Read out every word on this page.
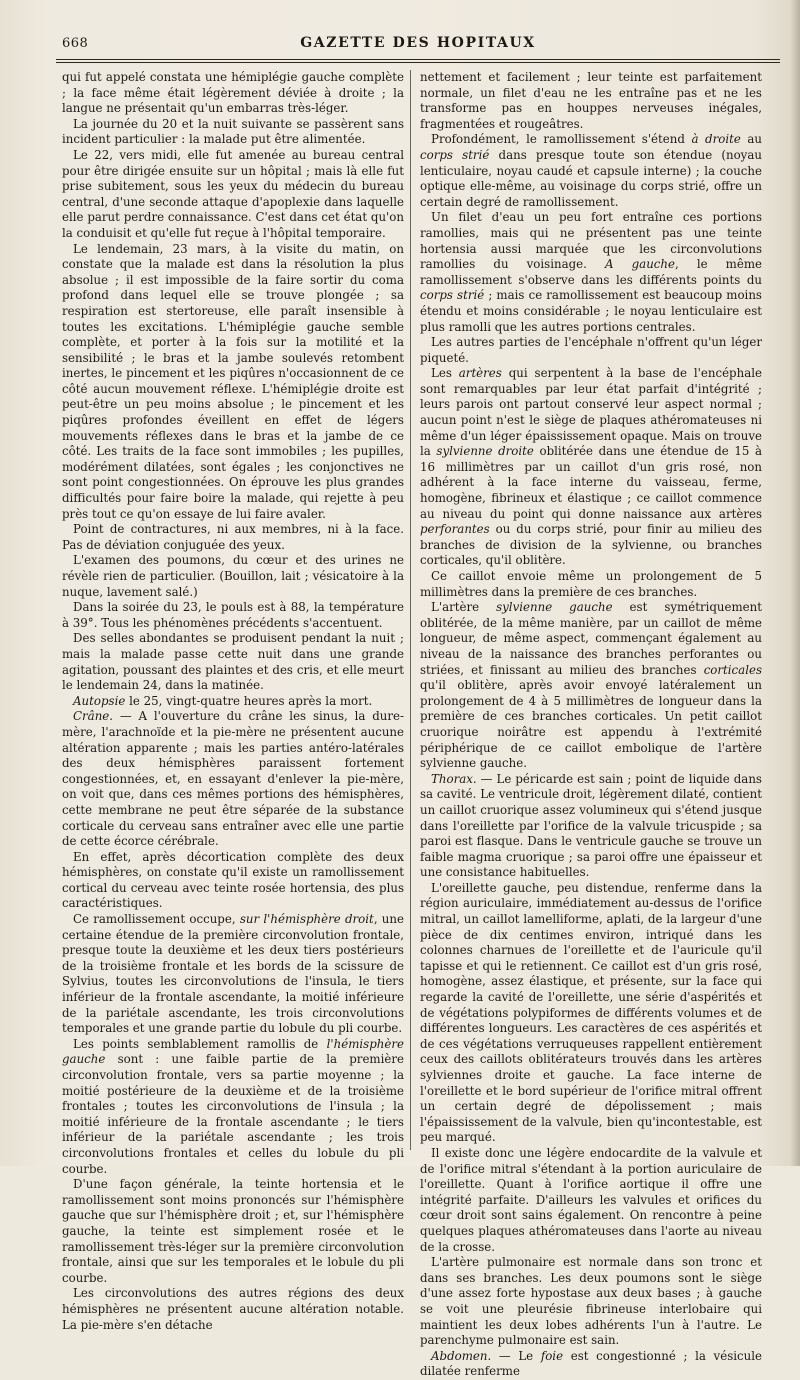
668	GAZETTE DES HOPITAUX

qui fut appelé constata une hémiplégie gauche complète ; la face même était légèrement déviée à droite ; la langue ne présentait qu'un embarras très-léger.

La journée du 20 et la nuit suivante se passèrent sans incident particulier : la malade put être alimentée.

Le 22, vers midi, elle fut amenée au bureau central pour être dirigée ensuite sur un hôpital ; mais là elle fut prise subitement, sous les yeux du médecin du bureau central, d'une seconde attaque d'apoplexie dans laquelle elle parut perdre connaissance. C'est dans cet état qu'on la conduisit et qu'elle fut reçue à l'hôpital temporaire.

Le lendemain, 23 mars, à la visite du matin, on constate que la malade est dans la résolution la plus absolue ; il est impossible de la faire sortir du coma profond dans lequel elle se trouve plongée ; sa respiration est stertoreuse, elle paraît insensible à toutes les excitations. L'hémiplégie gauche semble complète, et porter à la fois sur la motilité et la sensibilité ; le bras et la jambe soulevés retombent inertes, le pincement et les piqûres n'occasionnent de ce côté aucun mouvement réflexe. L'hémiplégie droite est peut-être un peu moins absolue ; le pincement et les piqûres profondes éveillent en effet de légers mouvements réflexes dans le bras et la jambe de ce côté. Les traits de la face sont immobiles ; les pupilles, modérément dilatées, sont égales ; les conjonctives ne sont point congestionnées. On éprouve les plus grandes difficultés pour faire boire la malade, qui rejette à peu près tout ce qu'on essaye de lui faire avaler.

Point de contractures, ni aux membres, ni à la face. Pas de déviation conjuguée des yeux.

L'examen des poumons, du cœur et des urines ne révèle rien de particulier. (Bouillon, lait ; vésicatoire à la nuque, lavement salé.)

Dans la soirée du 23, le pouls est à 88, la température à 39°. Tous les phénomènes précédents s'accentuent.

Des selles abondantes se produisent pendant la nuit ; mais la malade passe cette nuit dans une grande agitation, poussant des plaintes et des cris, et elle meurt le lendemain 24, dans la matinée.

Autopsie le 25, vingt-quatre heures après la mort.

Crâne. — A l'ouverture du crâne les sinus, la dure-mère, l'arachnoïde et la pie-mère ne présentent aucune altération apparente ; mais les parties antéro-latérales des deux hémisphères paraissent fortement congestionnées, et, en essayant d'enlever la pie-mère, on voit que, dans ces mêmes portions des hémisphères, cette membrane ne peut être séparée de la substance corticale du cerveau sans entraîner avec elle une partie de cette écorce cérébrale.

En effet, après décortication complète des deux hémisphères, on constate qu'il existe un ramollissement cortical du cerveau avec teinte rosée hortensia, des plus caractéristiques.

Ce ramollissement occupe, sur l'hémisphère droit, une certaine étendue de la première circonvolution frontale, presque toute la deuxième et les deux tiers postérieurs de la troisième frontale et les bords de la scissure de Sylvius, toutes les circonvolutions de l'insula, le tiers inférieur de la frontale ascendante, la moitié inférieure de la pariétale ascendante, les trois circonvolutions temporales et une grande partie du lobule du pli courbe.

Les points semblablement ramollis de l'hémisphère gauche sont : une faible partie de la première circonvolution frontale, vers sa partie moyenne ; la moitié postérieure de la deuxième et de la troisième frontales ; toutes les circonvolutions de l'insula ; la moitié inférieure de la frontale ascendante ; le tiers inférieur de la pariétale ascendante ; les trois circonvolutions frontales et celles du lobule du pli courbe.

D'une façon générale, la teinte hortensia et le ramollissement sont moins prononcés sur l'hémisphère gauche que sur l'hémisphère droit ; et, sur l'hémisphère gauche, la teinte est simplement rosée et le ramollissement très-léger sur la première circonvolution frontale, ainsi que sur les temporales et le lobule du pli courbe.

Les circonvolutions des autres régions des deux hémisphères ne présentent aucune altération notable. La pie-mère s'en détache

nettement et facilement ; leur teinte est parfaitement normale, un filet d'eau ne les entraîne pas et ne les transforme pas en houppes nerveuses inégales, fragmentées et rougeâtres.

Profondément, le ramollissement s'étend à droite au corps strié dans presque toute son étendue (noyau lenticulaire, noyau caudé et capsule interne) ; la couche optique elle-même, au voisinage du corps strié, offre un certain degré de ramollissement.

Un filet d'eau un peu fort entraîne ces portions ramollies, mais qui ne présentent pas une teinte hortensia aussi marquée que les circonvolutions ramollies du voisinage. A gauche, le même ramollissement s'observe dans les différents points du corps strié ; mais ce ramollissement est beaucoup moins étendu et moins considérable ; le noyau lenticulaire est plus ramolli que les autres portions centrales.

Les autres parties de l'encéphale n'offrent qu'un léger piqueté.

Les artères qui serpentent à la base de l'encéphale sont remarquables par leur état parfait d'intégrité ; leurs parois ont partout conservé leur aspect normal ; aucun point n'est le siège de plaques athéromateuses ni même d'un léger épaississement opaque. Mais on trouve la sylvienne droite oblitérée dans une étendue de 15 à 16 millimètres par un caillot d'un gris rosé, non adhérent à la face interne du vaisseau, ferme, homogène, fibrineux et élastique ; ce caillot commence au niveau du point qui donne naissance aux artères perforantes ou du corps strié, pour finir au milieu des branches de division de la sylvienne, ou branches corticales, qu'il oblitère.

Ce caillot envoie même un prolongement de 5 millimètres dans la première de ces branches.

L'artère sylvienne gauche est symétriquement oblitérée, de la même manière, par un caillot de même longueur, de même aspect, commençant également au niveau de la naissance des branches perforantes ou striées, et finissant au milieu des branches corticales qu'il oblitère, après avoir envoyé latéralement un prolongement de 4 à 5 millimètres de longueur dans la première de ces branches corticales. Un petit caillot cruorique noirâtre est appendu à l'extrémité périphérique de ce caillot embolique de l'artère sylvienne gauche.

Thorax. — Le péricarde est sain ; point de liquide dans sa cavité. Le ventricule droit, légèrement dilaté, contient un caillot cruorique assez volumineux qui s'étend jusque dans l'oreillette par l'orifice de la valvule tricuspide ; sa paroi est flasque. Dans le ventricule gauche se trouve un faible magma cruorique ; sa paroi offre une épaisseur et une consistance habituelles.

L'oreillette gauche, peu distendue, renferme dans la région auriculaire, immédiatement au-dessus de l'orifice mitral, un caillot lamelliforme, aplati, de la largeur d'une pièce de dix centimes environ, intriqué dans les colonnes charnues de l'oreillette et de l'auricule qu'il tapisse et qui le retiennent. Ce caillot est d'un gris rosé, homogène, assez élastique, et présente, sur la face qui regarde la cavité de l'oreillette, une série d'aspérités et de végétations polypiformes de différents volumes et de différentes longueurs. Les caractères de ces aspérités et de ces végétations verruqueuses rappellent entièrement ceux des caillots oblitérateurs trouvés dans les artères sylviennes droite et gauche. La face interne de l'oreillette et le bord supérieur de l'orifice mitral offrent un certain degré de dépolissement ; mais l'épaississement de la valvule, bien qu'incontestable, est peu marqué.

Il existe donc une légère endocardite de la valvule et de l'orifice mitral s'étendant à la portion auriculaire de l'oreillette. Quant à l'orifice aortique il offre une intégrité parfaite. D'ailleurs les valvules et orifices du cœur droit sont sains également. On rencontre à peine quelques plaques athéromateuses dans l'aorte au niveau de la crosse.

L'artère pulmonaire est normale dans son tronc et dans ses branches. Les deux poumons sont le siège d'une assez forte hypostase aux deux bases ; à gauche se voit une pleurésie fibrineuse interlobaire qui maintient les deux lobes adhérents l'un à l'autre. Le parenchyme pulmonaire est sain.

Abdomen. — Le foie est congestionné ; la vésicule dilatée renferme
